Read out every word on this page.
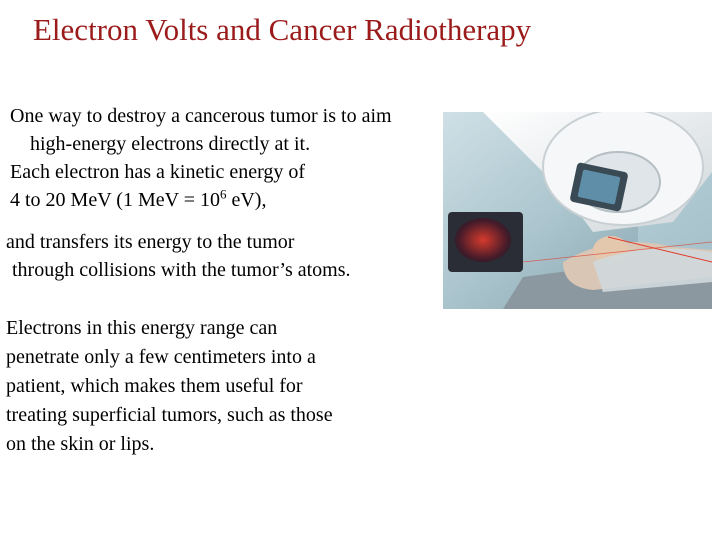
Electron Volts and Cancer Radiotherapy
One way to destroy a cancerous tumor is to aim
high-energy electrons directly at it.
Each electron has a kinetic energy of
4 to 20 MeV (1 MeV = $10^6$ eV),
and transfers its energy to the tumor
through collisions with the tumor’s atoms.
Electrons in this energy range can
penetrate only a few centimeters into a
patient, which makes them useful for
treating superficial tumors, such as those
on the skin or lips.
